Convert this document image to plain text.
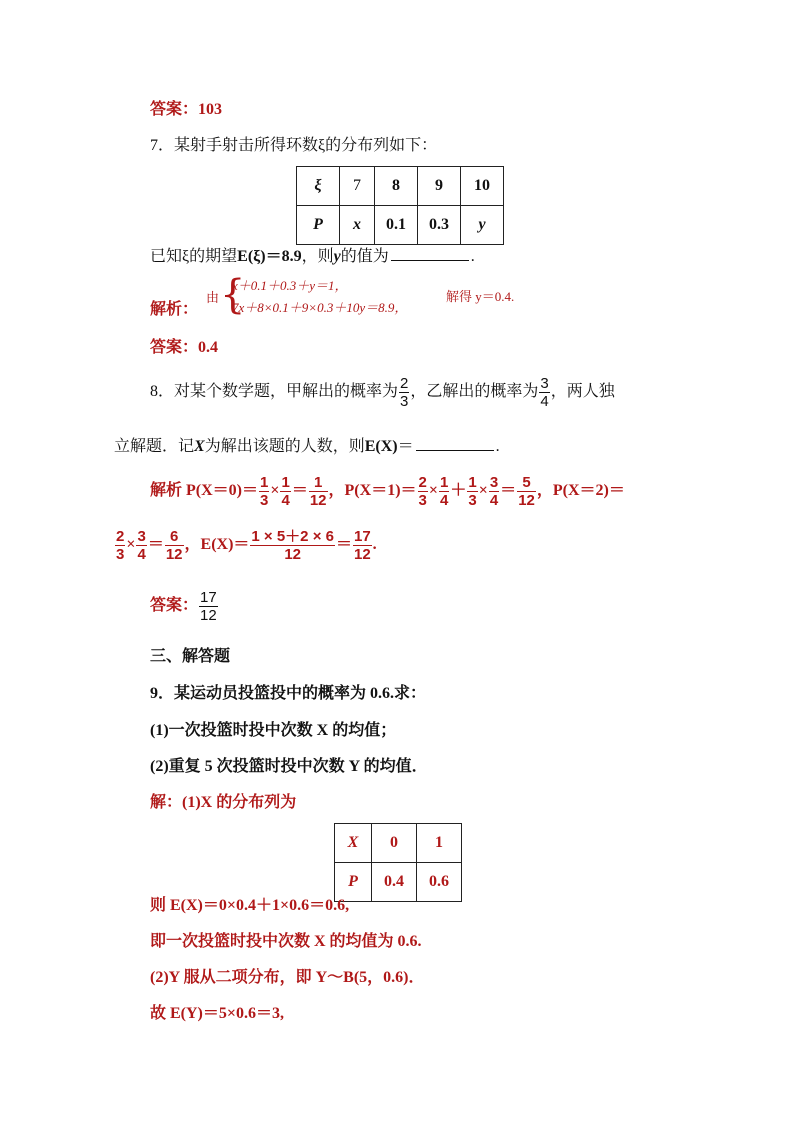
答案：103
7．某射手射击所得环数ξ的分布列如下：
ξ	7	8	9	10
P	x	0.1	0.3	y
已知ξ的期望E(ξ)＝8.9，则y的值为	.
解析：
由 {
x＋0.1＋0.3＋y＝1，
7x＋8×0.1＋9×0.3＋10y＝8.9，
解得 y＝0.4.
答案：0.4
8．对某个数学题，甲解出的概率为 $\frac{2}{3}$ ，乙解出的概率为 $\frac{3}{4}$ ，两人独
立解题．记X为解出该题的人数，则E(X)＝	.
解析 $P(X=0)= \frac{1}{3} \times \frac{1}{4} = \frac{1}{12}$ ，$P(X=1)= \frac{2}{3} \times \frac{1}{4} + \frac{1}{3} \times \frac{3}{4} = \frac{5}{12}$ ，P(X＝2)＝
$\frac{2}{3} \times \frac{3}{4} = \frac{6}{12}$ ，$E(X)= \frac{1 \times 5+2 \times 6}{12} = \frac{17}{12}$ .
答案： $\frac{17}{12}$
三、解答题
9．某运动员投篮投中的概率为 0.6.求：
(1)一次投篮时投中次数 X 的均值；
(2)重复 5 次投篮时投中次数 Y 的均值．
解：(1)X 的分布列为
X	0	1
P	0.4	0.6
则 E(X)＝0×0.4＋1×0.6＝0.6,
即一次投篮时投中次数 X 的均值为 0.6.
(2)Y 服从二项分布，即 Y～B(5，0.6)．
故 E(Y)＝5×0.6＝3,
